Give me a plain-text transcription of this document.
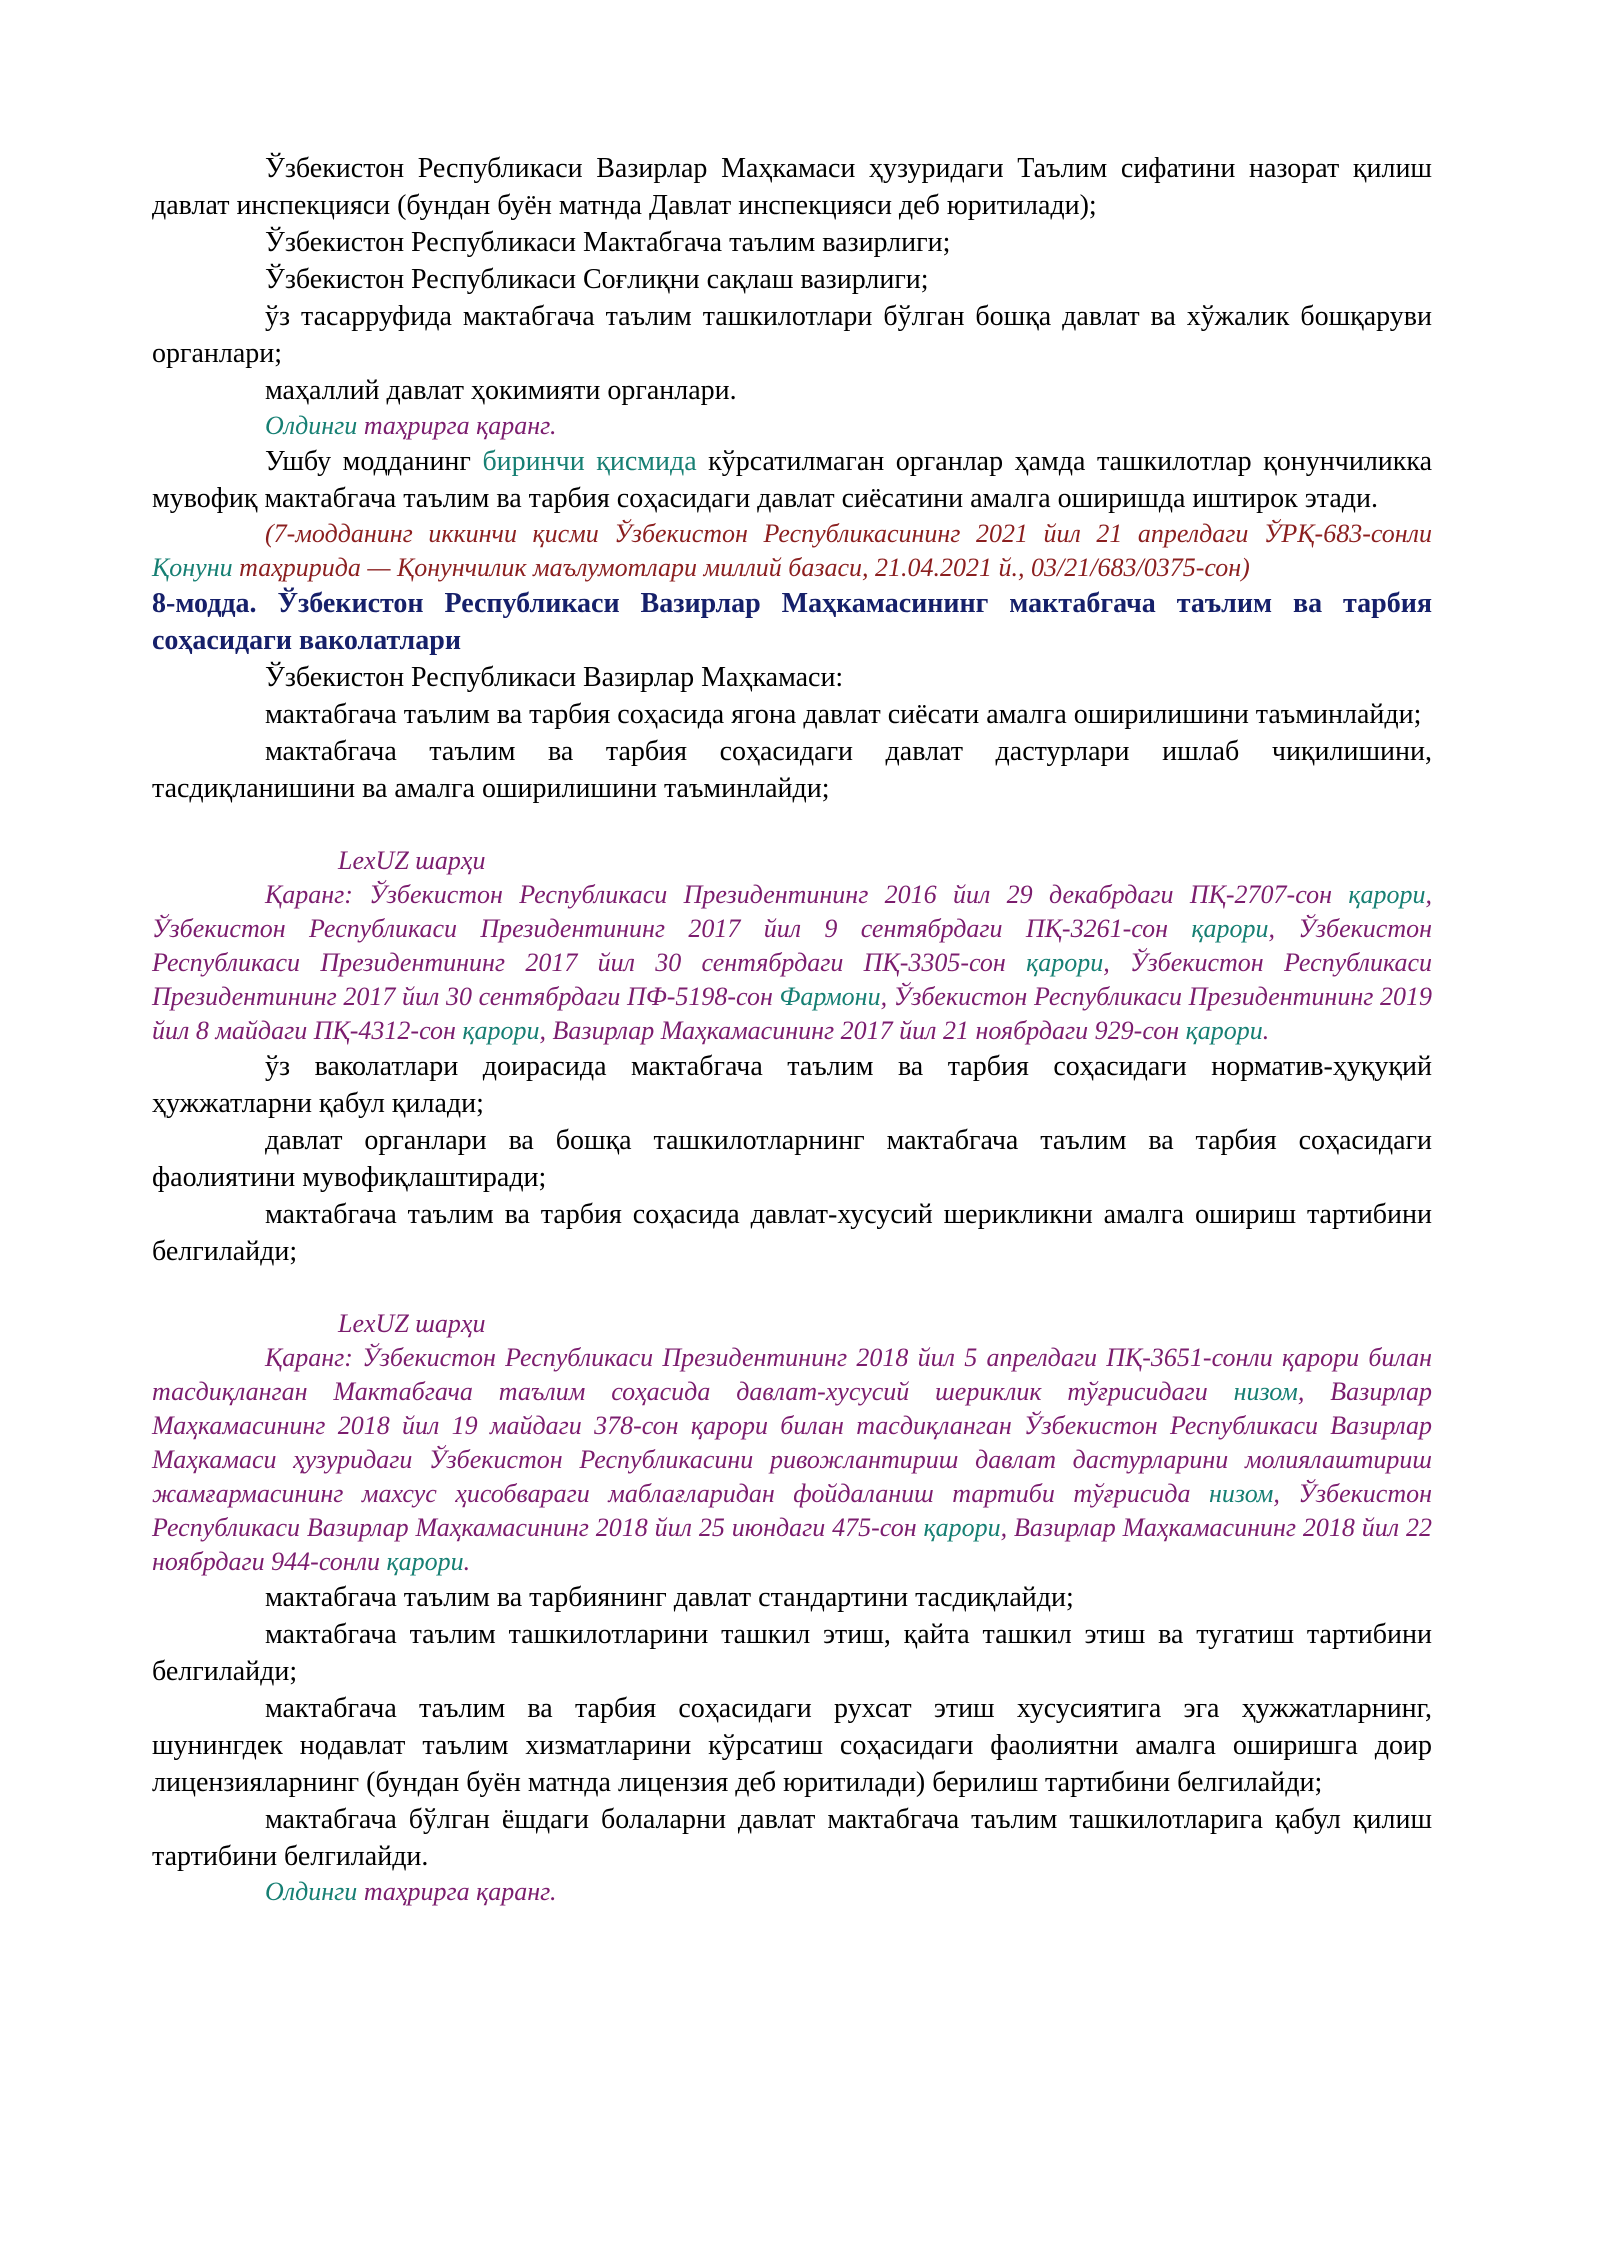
Ўзбекистон Республикаси Вазирлар Маҳкамаси ҳузуридаги Таълим сифатини назорат қилиш давлат инспекцияси (бундан буён матнда Давлат инспекцияси деб юритилади);

Ўзбекистон Республикаси Мактабгача таълим вазирлиги;

Ўзбекистон Республикаси Соғлиқни сақлаш вазирлиги;

ўз тасарруфида мактабгача таълим ташкилотлари бўлган бошқа давлат ва хўжалик бошқаруви органлари;

маҳаллий давлат ҳокимияти органлари.

Олдинги таҳрирга қаранг.

Ушбу модданинг биринчи қисмида кўрсатилмаган органлар ҳамда ташкилотлар қонунчиликка мувофиқ мактабгача таълим ва тарбия соҳасидаги давлат сиёсатини амалга оширишда иштирок этади.

(7-модданинг иккинчи қисми Ўзбекистон Республикасининг 2021 йил 21 апрелдаги ЎРҚ-683-сонли Қонуни таҳририда — Қонунчилик маълумотлари миллий базаси, 21.04.2021 й., 03/21/683/0375-сон)

8-модда. Ўзбекистон Республикаси Вазирлар Маҳкамасининг мактабгача таълим ва тарбия соҳасидаги ваколатлари

Ўзбекистон Республикаси Вазирлар Маҳкамаси:

мактабгача таълим ва тарбия соҳасида ягона давлат сиёсати амалга оширилишини таъминлайди;

мактабгача таълим ва тарбия соҳасидаги давлат дастурлари ишлаб чиқилишини, тасдиқланишини ва амалга оширилишини таъминлайди;

LexUZ шарҳи

Қаранг: Ўзбекистон Республикаси Президентининг 2016 йил 29 декабрдаги ПҚ-2707-сон қарори, Ўзбекистон Республикаси Президентининг 2017 йил 9 сентябрдаги ПҚ-3261-сон қарори, Ўзбекистон Республикаси Президентининг 2017 йил 30 сентябрдаги ПҚ-3305-сон қарори, Ўзбекистон Республикаси Президентининг 2017 йил 30 сентябрдаги ПФ-5198-сон Фармони, Ўзбекистон Республикаси Президентининг 2019 йил 8 майдаги ПҚ-4312-сон қарори, Вазирлар Маҳкамасининг 2017 йил 21 ноябрдаги 929-сон қарори.

ўз ваколатлари доирасида мактабгача таълим ва тарбия соҳасидаги норматив-ҳуқуқий ҳужжатларни қабул қилади;

давлат органлари ва бошқа ташкилотларнинг мактабгача таълим ва тарбия соҳасидаги фаолиятини мувофиқлаштиради;

мактабгача таълим ва тарбия соҳасида давлат-хусусий шерикликни амалга ошириш тартибини белгилайди;

LexUZ шарҳи

Қаранг: Ўзбекистон Республикаси Президентининг 2018 йил 5 апрелдаги ПҚ-3651-сонли қарори билан тасдиқланган Мактабгача таълим соҳасида давлат-хусусий шериклик тўғрисидаги низом, Вазирлар Маҳкамасининг 2018 йил 19 майдаги 378-сон қарори билан тасдиқланган Ўзбекистон Республикаси Вазирлар Маҳкамаси ҳузуридаги Ўзбекистон Республикасини ривожлантириш давлат дастурларини молиялаштириш жамғармасининг махсус ҳисобвараги маблағларидан фойдаланиш тартиби тўғрисида низом, Ўзбекистон Республикаси Вазирлар Маҳкамасининг 2018 йил 25 июндаги 475-сон қарори, Вазирлар Маҳкамасининг 2018 йил 22 ноябрдаги 944-сонли қарори.

мактабгача таълим ва тарбиянинг давлат стандартини тасдиқлайди;

мактабгача таълим ташкилотларини ташкил этиш, қайта ташкил этиш ва тугатиш тартибини белгилайди;

мактабгача таълим ва тарбия соҳасидаги рухсат этиш хусусиятига эга ҳужжатларнинг, шунингдек нодавлат таълим хизматларини кўрсатиш соҳасидаги фаолиятни амалга оширишга доир лицензияларнинг (бундан буён матнда лицензия деб юритилади) берилиш тартибини белгилайди;

мактабгача бўлган ёшдаги болаларни давлат мактабгача таълим ташкилотларига қабул қилиш тартибини белгилайди.

Олдинги таҳрирга қаранг.
